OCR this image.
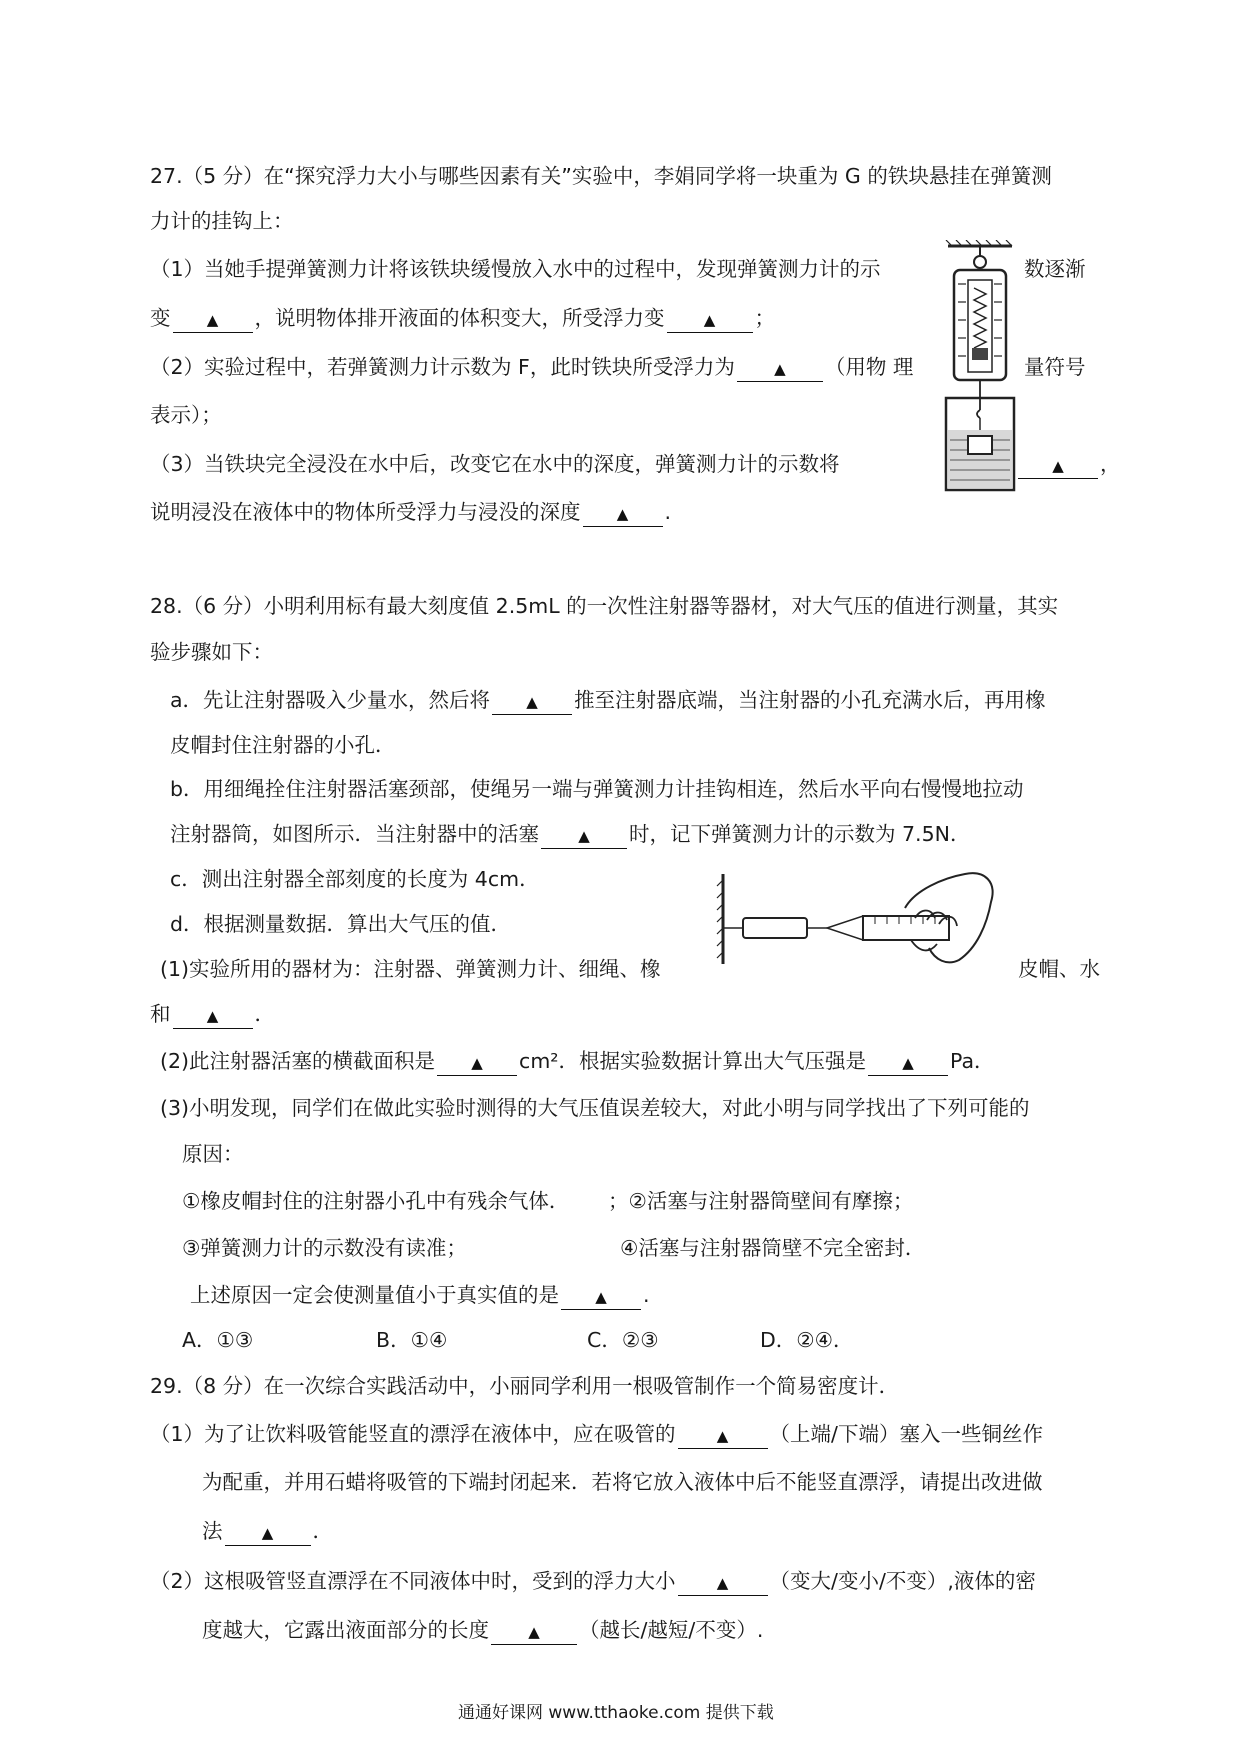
27.（5 分）在“探究浮力大小与哪些因素有关”实验中，李娟同学将一块重为 G 的铁块悬挂在弹簧测
力计的挂钩上：
（1）当她手提弹簧测力计将该铁块缓慢放入水中的过程中，发现弹簧测力计的示	数逐渐
变 ▲ ，说明物体排开液面的体积变大，所受浮力变	▲ ；
（2）实验过程中，若弹簧测力计示数为 F，此时铁块所受浮力为	▲ （用物 理	量符号
表示）；
（3）当铁块完全浸没在水中后，改变它在水中的深度，弹簧测力计的示数将	▲ ，
说明浸没在液体中的物体所受浮力与浸没的深度 ▲ .
28.（6 分）小明利用标有最大刻度值 2.5mL 的一次性注射器等器材，对大气压的值进行测量，其实
验步骤如下：
a．先让注射器吸入少量水，然后将 ▲ 推至注射器底端，当注射器的小孔充满水后，再用橡
皮帽封住注射器的小孔．
b．用细绳拴住注射器活塞颈部，使绳另一端与弹簧测力计挂钩相连，然后水平向右慢慢地拉动
注射器筒，如图所示．当注射器中的活塞	▲ 时，记下弹簧测力计的示数为 7.5N．
c．测出注射器全部刻度的长度为 4cm．
d．根据测量数据．算出大气压的值．
(1)实验所用的器材为：注射器、弹簧测力计、细绳、橡	皮帽、水
和 ▲ ．
(2)此注射器活塞的横截面积是 ▲ cm²．根据实验数据计算出大气压强是 ▲ Pa．
(3)小明发现，同学们在做此实验时测得的大气压值误差较大，对此小明与同学找出了下列可能的
原因：
①橡皮帽封住的注射器小孔中有残余气体． ；②活塞与注射器筒壁间有摩擦；
③弹簧测力计的示数没有读准；	④活塞与注射器筒壁不完全密封．
上述原因一定会使测量值小于真实值的是 ▲ .
A．①③	B．①④	C．②③	D．②④．
29.（8 分）在一次综合实践活动中，小丽同学利用一根吸管制作一个简易密度计．
（1）为了让饮料吸管能竖直的漂浮在液体中，应在吸管的	▲ （上端/下端）塞入一些铜丝作
为配重，并用石蜡将吸管的下端封闭起来．若将它放入液体中后不能竖直漂浮，请提出改进做
法	▲ ．
（2）这根吸管竖直漂浮在不同液体中时，受到的浮力大小	▲ （变大/变小/不变）,液体的密
度越大，它露出液面部分的长度	▲ （越长/越短/不变）.
通通好课网 www.tthaoke.com 提供下载
